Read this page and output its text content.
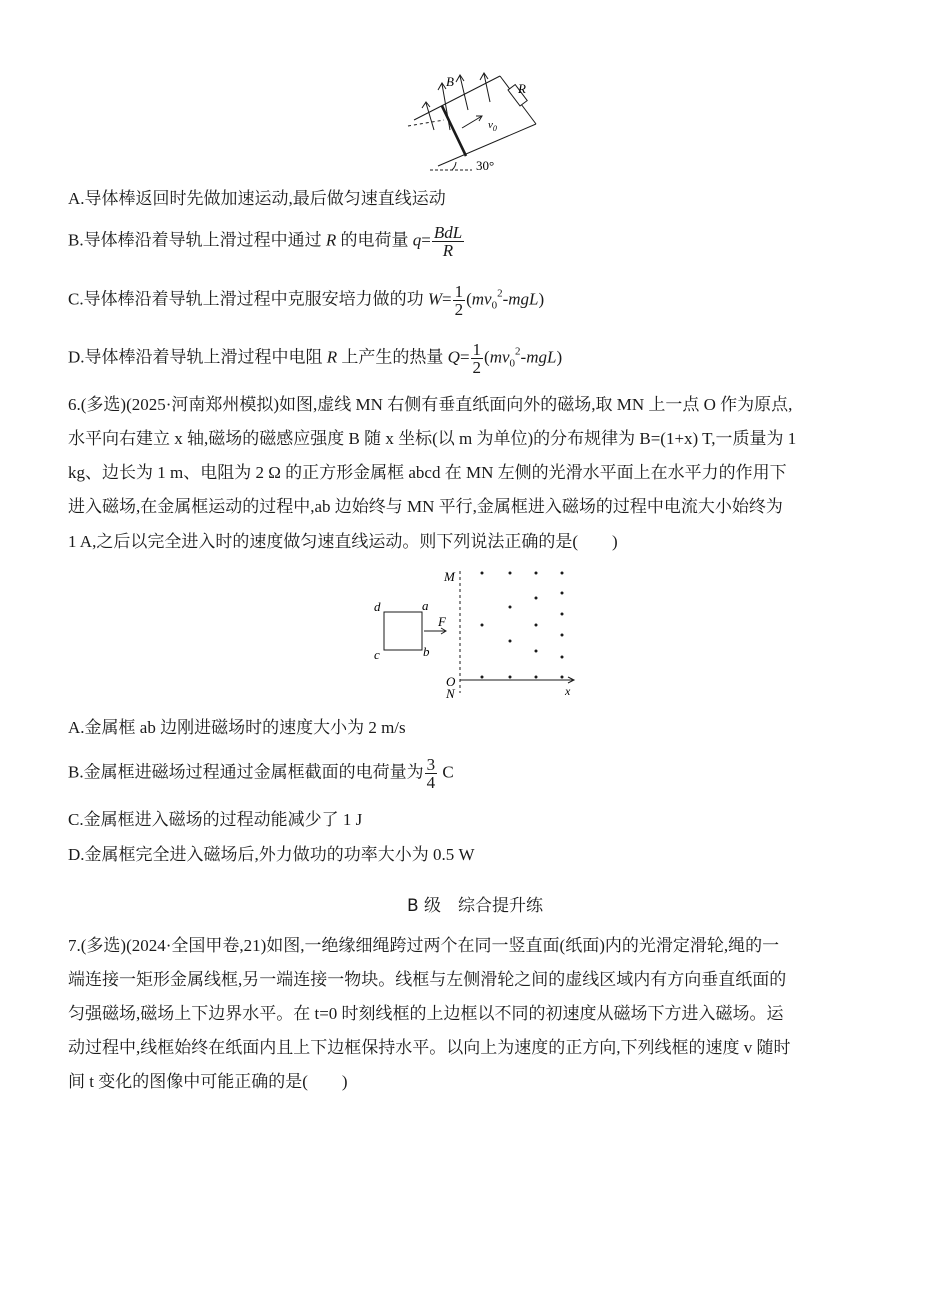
B	R
$v_0$
30°
A.导体棒返回时先做加速运动,最后做匀速直线运动
B.导体棒沿着导轨上滑过程中通过 R 的电荷量 $q= \frac{\text{BdL}}{R}$
C.导体棒沿着导轨上滑过程中克服安培力做的功 $W= \frac{1}{2} (mv_0^2-mgL)$
D.导体棒沿着导轨上滑过程中电阻 R 上产生的热量 $Q= \frac{1}{2} (mv_0^2-mgL)$
6.(多选)(2025·河南郑州模拟)如图,虚线 MN 右侧有垂直纸面向外的磁场,取 MN 上一点 O 作为原点,
水平向右建立 x 轴,磁场的磁感应强度 B 随 x 坐标(以 m 为单位)的分布规律为 B=(1+x) T,一质量为 1
kg、边长为 1 m、电阻为 2 Ω 的正方形金属框 abcd 在 MN 左侧的光滑水平面上在水平力的作用下
进入磁场,在金属框运动的过程中,ab 边始终与 MN 平行,金属框进入磁场的过程中电流大小始终为
1 A,之后以完全进入时的速度做匀速直线运动。则下列说法正确的是(　　)
M
O
N	x
d	a
c	b
F
A.金属框 ab 边刚进磁场时的速度大小为 2 m/s
B.金属框进磁场过程通过金属框截面的电荷量为 $\frac{3}{4}$ C
C.金属框进入磁场的过程动能减少了 1 J
D.金属框完全进入磁场后,外力做功的功率大小为 0.5 W
B 级　综合提升练
7.(多选)(2024·全国甲卷,21)如图,一绝缘细绳跨过两个在同一竖直面(纸面)内的光滑定滑轮,绳的一
端连接一矩形金属线框,另一端连接一物块。线框与左侧滑轮之间的虚线区域内有方向垂直纸面的
匀强磁场,磁场上下边界水平。在 t=0 时刻线框的上边框以不同的初速度从磁场下方进入磁场。运
动过程中,线框始终在纸面内且上下边框保持水平。以向上为速度的正方向,下列线框的速度 v 随时
间 t 变化的图像中可能正确的是(　　)
